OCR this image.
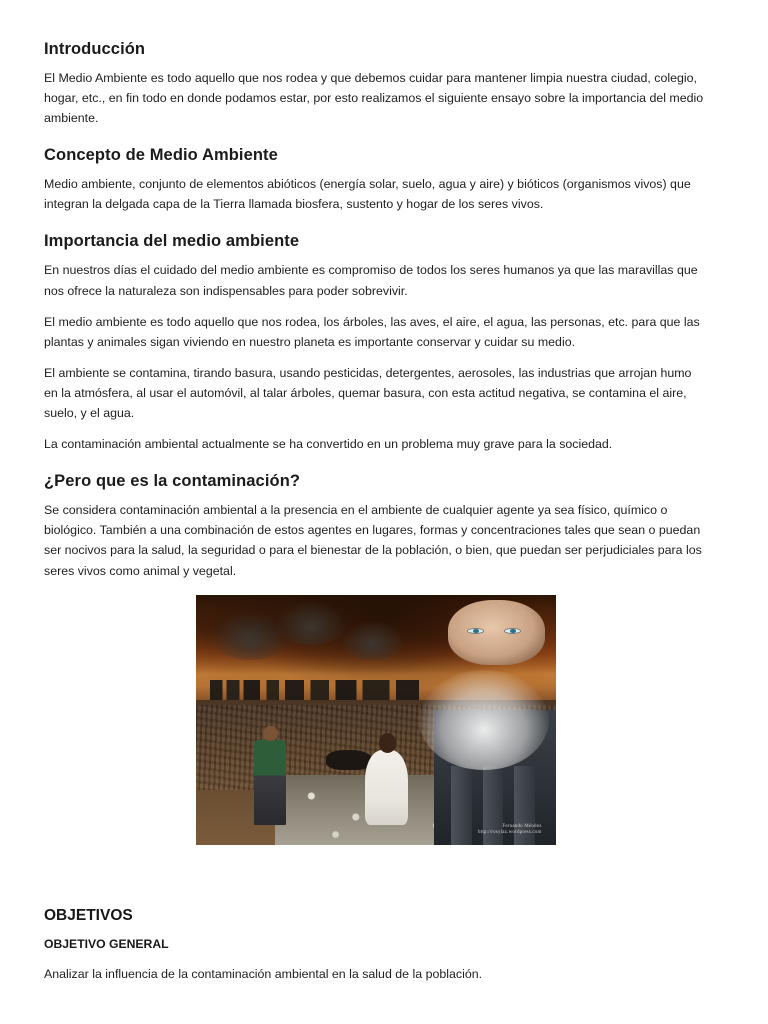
Introducción

El Medio Ambiente es todo aquello que nos rodea y que debemos cuidar para mantener limpia nuestra ciudad, colegio, hogar, etc., en fin todo en donde podamos estar, por esto realizamos el siguiente ensayo sobre la importancia del medio ambiente.

Concepto de Medio Ambiente

Medio ambiente, conjunto de elementos abióticos (energía solar, suelo, agua y aire) y bióticos (organismos vivos) que integran la delgada capa de la Tierra llamada biosfera, sustento y hogar de los seres vivos.

Importancia del medio ambiente

En nuestros días el cuidado del medio ambiente es compromiso de todos los seres humanos ya que las maravillas que nos ofrece la naturaleza son indispensables para poder sobrevivir.

El medio ambiente es todo aquello que nos rodea, los árboles, las aves, el aire, el agua, las personas, etc. para que las plantas y animales sigan viviendo en nuestro planeta es importante conservar y cuidar su medio.

El ambiente se contamina, tirando basura, usando pesticidas, detergentes, aerosoles, las industrias que arrojan humo en la atmósfera, al usar el automóvil, al talar árboles, quemar basura, con esta actitud negativa, se contamina el aire, suelo, y el agua.

La contaminación ambiental actualmente se ha convertido en un problema muy grave para la sociedad.

¿Pero que es la contaminación?

Se considera contaminación ambiental a la presencia en el ambiente de cualquier agente ya sea físico, químico o biológico. También a una combinación de estos agentes en lugares, formas y concentraciones tales que sean o puedan ser nocivos para la salud, la seguridad o para el bienestar de la población, o bien, que puedan ser perjudiciales para los seres vivos como animal y vegetal.

Fernando Méndez
http://rosylaz.wordpress.com
OBJETIVOS
OBJETIVO GENERAL

Analizar la influencia de la contaminación ambiental en la salud de la población.
